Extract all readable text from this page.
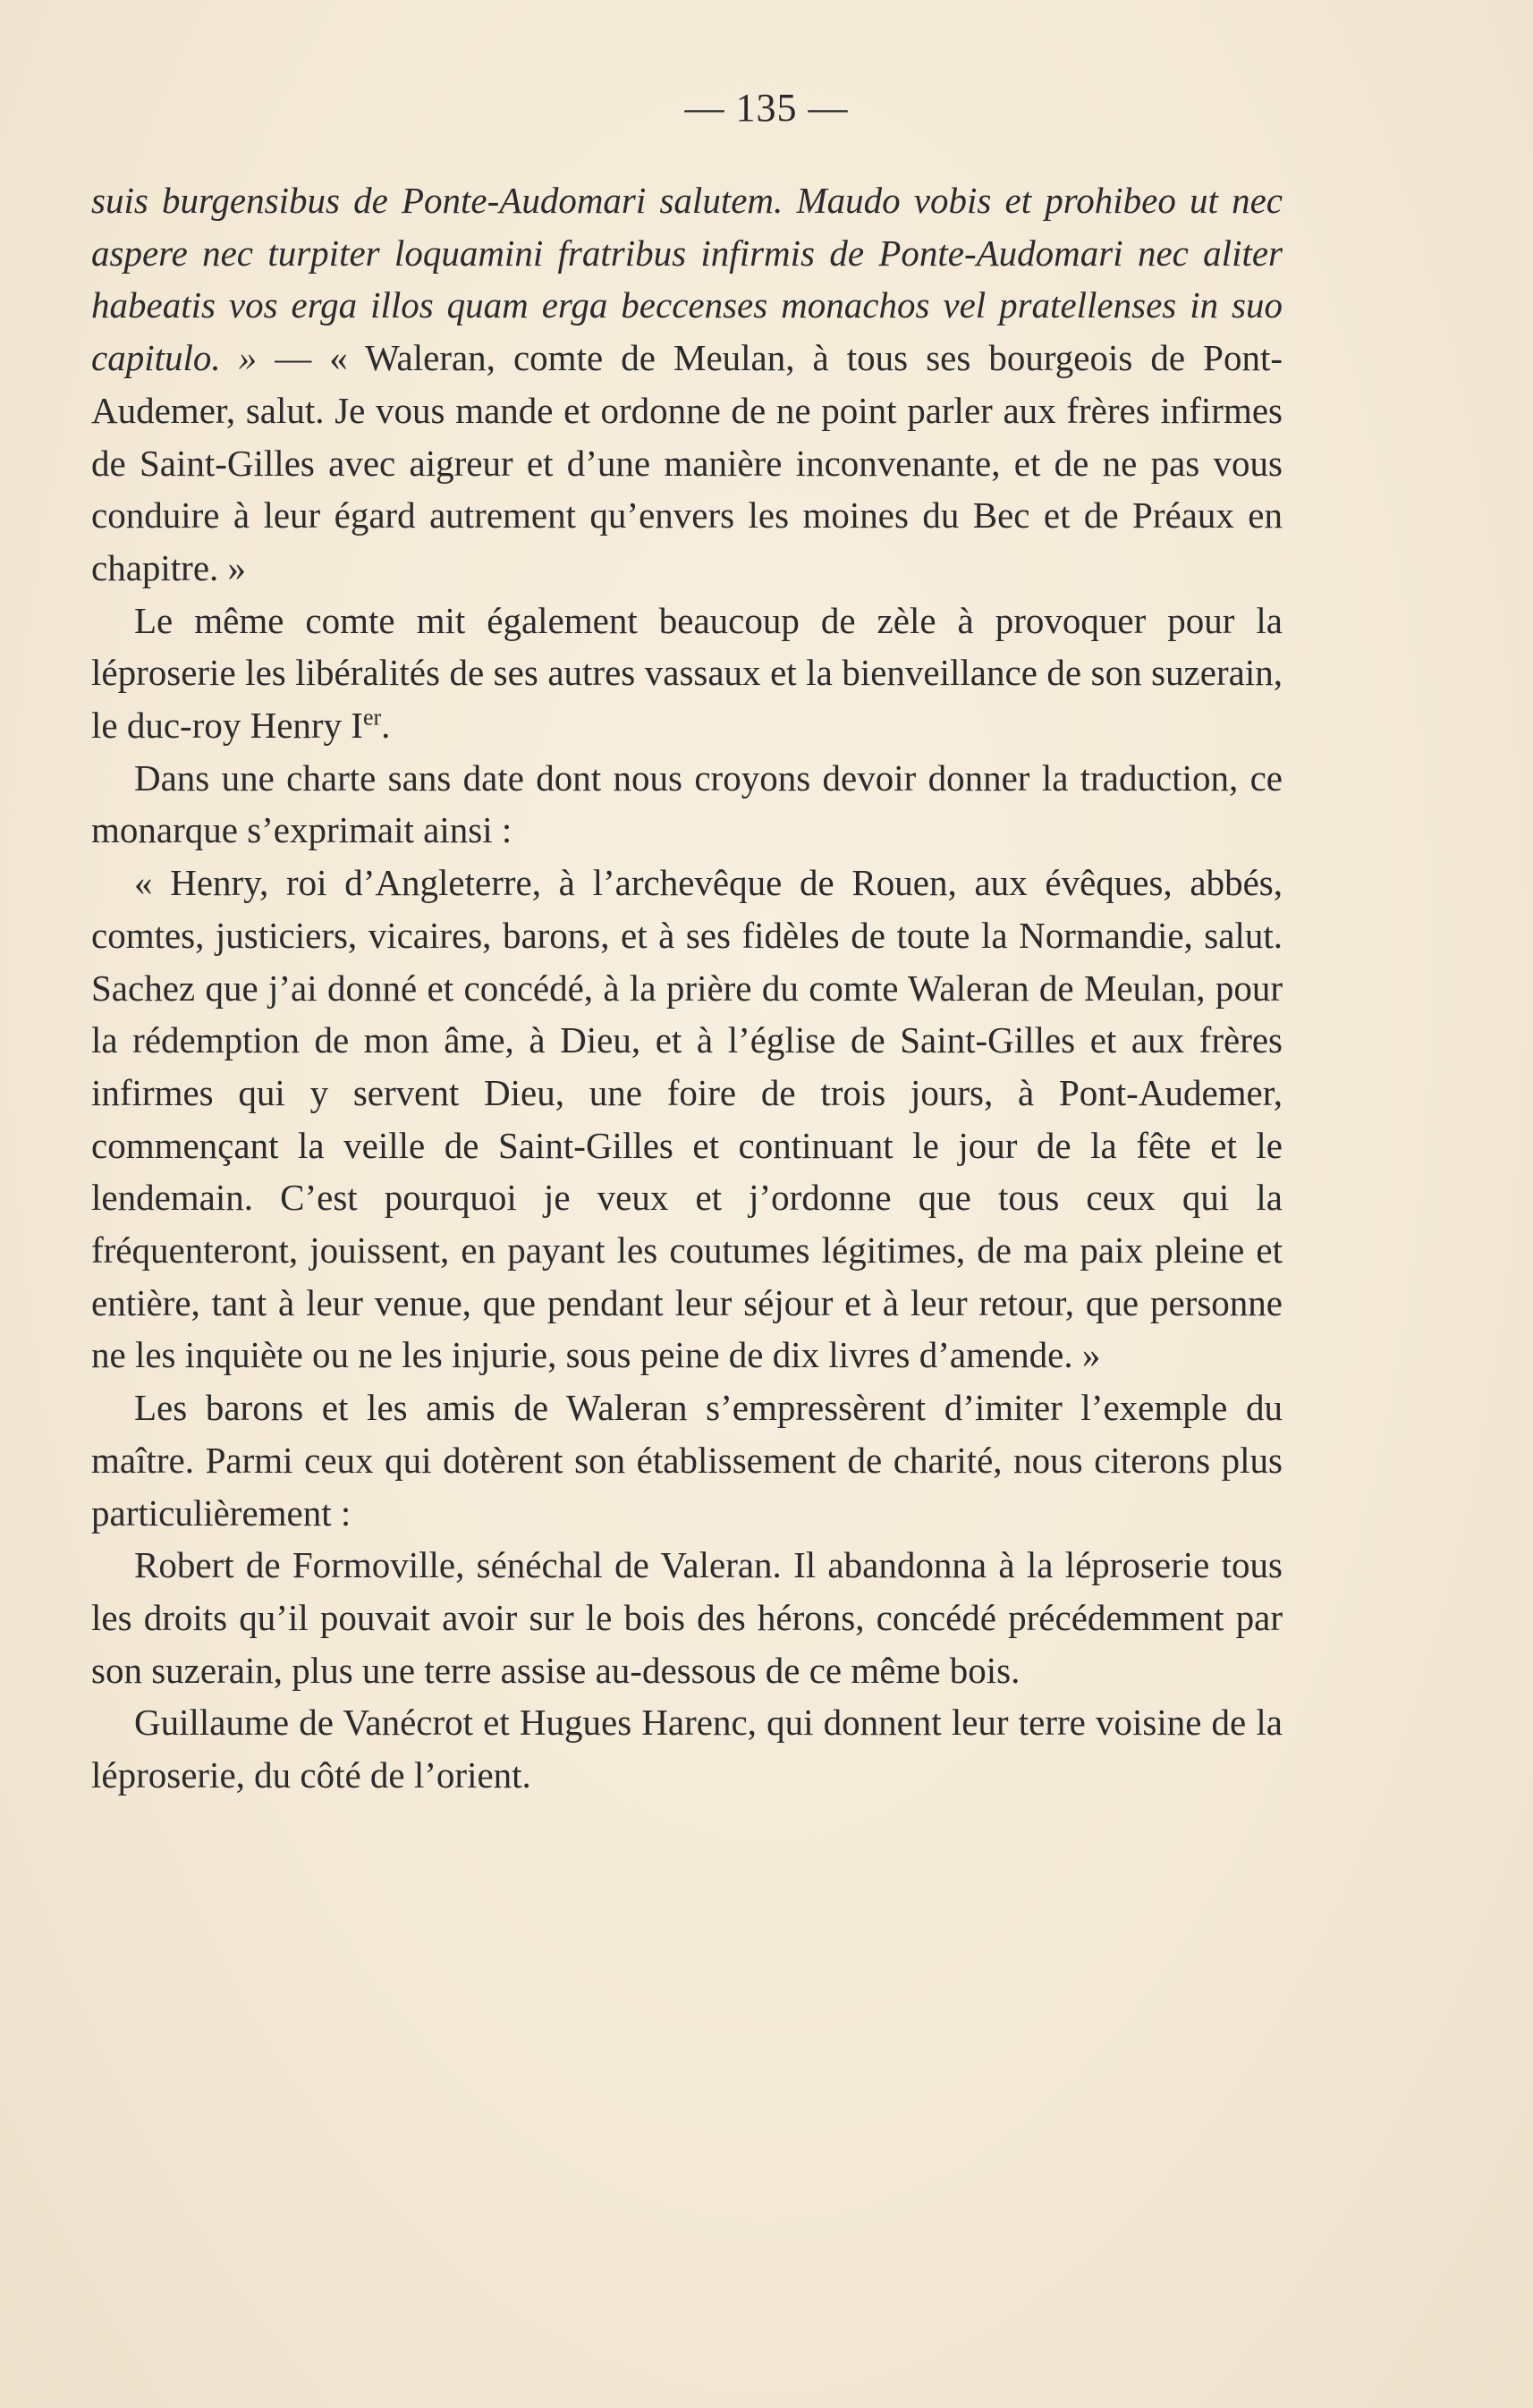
— 135 —

suis burgensibus de Ponte-Audomari salutem. Maudo vobis et prohibeo ut nec aspere nec turpiter loquamini fratribus infirmis de Ponte-Audomari nec aliter habeatis vos erga illos quam erga beccenses monachos vel pratellenses in suo capitulo. » — « Waleran, comte de Meulan, à tous ses bourgeois de Pont-Audemer, salut. Je vous mande et ordonne de ne point parler aux frères infirmes de Saint-Gilles avec aigreur et d’une manière inconvenante, et de ne pas vous conduire à leur égard autrement qu’envers les moines du Bec et de Préaux en chapitre. »

Le même comte mit également beaucoup de zèle à provoquer pour la léproserie les libéralités de ses autres vassaux et la bienveillance de son suzerain, le duc-roy Henry Ier.

Dans une charte sans date dont nous croyons devoir donner la traduction, ce monarque s’exprimait ainsi :

« Henry, roi d’Angleterre, à l’archevêque de Rouen, aux évêques, abbés, comtes, justiciers, vicaires, barons, et à ses fidèles de toute la Normandie, salut. Sachez que j’ai donné et concédé, à la prière du comte Waleran de Meulan, pour la rédemption de mon âme, à Dieu, et à l’église de Saint-Gilles et aux frères infirmes qui y servent Dieu, une foire de trois jours, à Pont-Audemer, commençant la veille de Saint-Gilles et continuant le jour de la fête et le lendemain. C’est pourquoi je veux et j’ordonne que tous ceux qui la fréquenteront, jouissent, en payant les coutumes légitimes, de ma paix pleine et entière, tant à leur venue, que pendant leur séjour et à leur retour, que personne ne les inquiète ou ne les injurie, sous peine de dix livres d’amende. »

Les barons et les amis de Waleran s’empressèrent d’imiter l’exemple du maître. Parmi ceux qui dotèrent son établissement de charité, nous citerons plus particulièrement :

Robert de Formoville, sénéchal de Valeran. Il abandonna à la léproserie tous les droits qu’il pouvait avoir sur le bois des hérons, concédé précédemment par son suzerain, plus une terre assise au-dessous de ce même bois.

Guillaume de Vanécrot et Hugues Harenc, qui donnent leur terre voisine de la léproserie, du côté de l’orient.
